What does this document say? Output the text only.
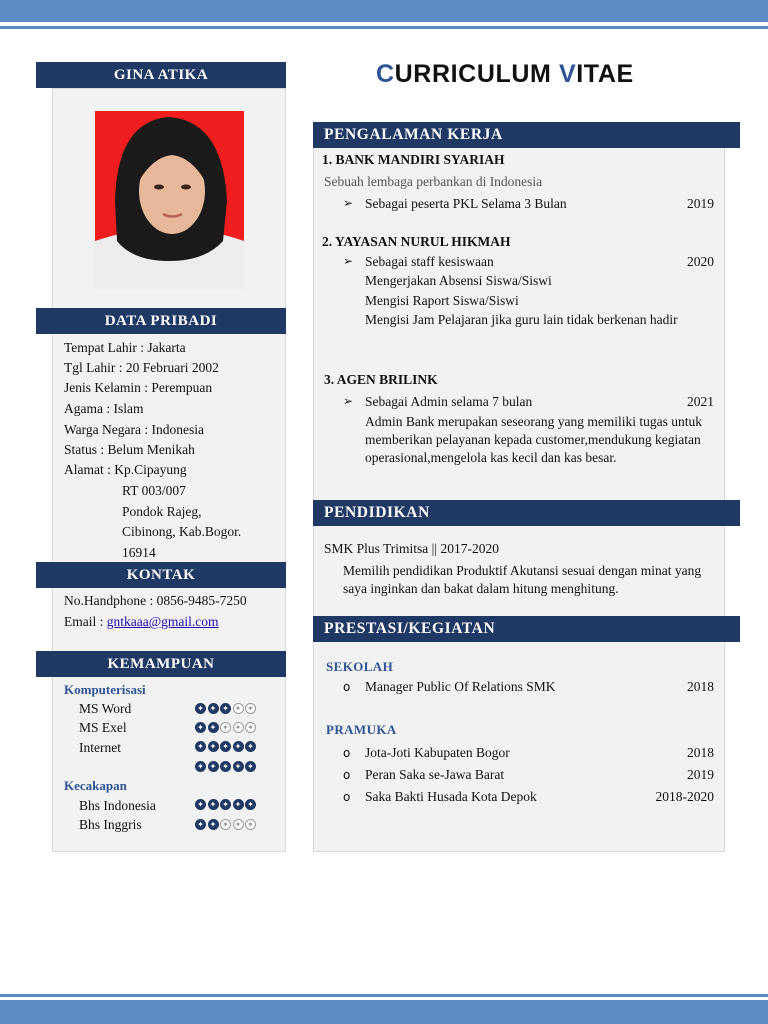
CURRICULUM VITAE
GINA ATIKA
DATA PRIBADI
Tempat Lahir : Jakarta
Tgl Lahir : 20 Februari 2002
Jenis Kelamin : Perempuan
Agama : Islam
Warga Negara : Indonesia
Status : Belum Menikah
Alamat : Kp.Cipayung
RT 003/007
Pondok Rajeg,
Cibinong, Kab.Bogor.
16914
KONTAK
No.Handphone : 0856-9485-7250
Email : gntkaaa@gmail.com
KEMAMPUAN
Komputerisasi
MS Word	✦ ✦ ✦ ✦ ✦
MS Exel	✦ ✦ ✦ ✦ ✦
Internet	✦ ✦ ✦ ✦ ✦
✦ ✦ ✦ ✦ ✦
Kecakapan
Bhs Indonesia	✦ ✦ ✦ ✦ ✦
Bhs Inggris	✦ ✦ ✦ ✦ ✦
PENGALAMAN KERJA
1. BANK MANDIRI SYARIAH
Sebuah lembaga perbankan di Indonesia
➢ Sebagai peserta PKL Selama 3 Bulan	2019
2. YAYASAN NURUL HIKMAH
➢ Sebagai staff kesiswaan	2020
Mengerjakan Absensi Siswa/Siswi
Mengisi Raport Siswa/Siswi
Mengisi Jam Pelajaran jika guru lain tidak berkenan hadir
3. AGEN BRILINK
➢ Sebagai Admin selama 7 bulan	2021
Admin Bank merupakan seseorang yang memiliki tugas untuk memberikan pelayanan kepada customer,mendukung kegiatan operasional,mengelola kas kecil dan kas besar.
PENDIDIKAN
SMK Plus Trimitsa || 2017-2020
Memilih pendidikan Produktif Akutansi sesuai dengan minat yang saya inginkan dan bakat dalam hitung menghitung.
PRESTASI/KEGIATAN
SEKOLAH
o Manager Public Of Relations SMK	2018
PRAMUKA
o Jota-Joti Kabupaten Bogor	2018
o Peran Saka se-Jawa Barat	2019
o Saka Bakti Husada Kota Depok	2018-2020
